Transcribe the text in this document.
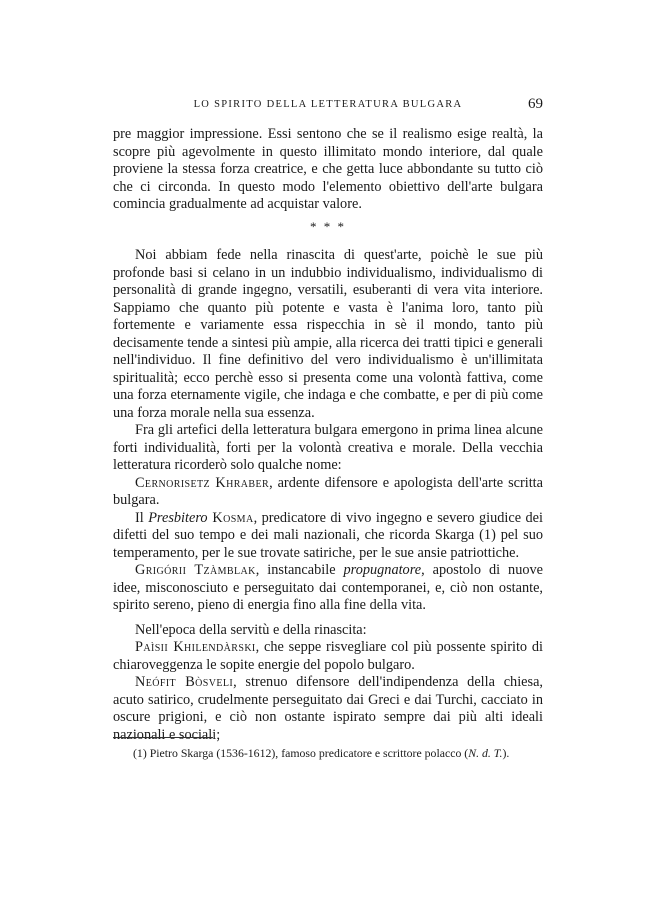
LO SPIRITO DELLA LETTERATURA BULGARA	69

pre maggior impressione. Essi sentono che se il realismo esige realtà, la scopre più agevolmente in questo illimitato mondo interiore, dal quale proviene la stessa forza creatrice, e che getta luce abbondante su tutto ciò che ci circonda. In questo modo l'elemento obiettivo dell'arte bulgara comincia gradualmente ad acquistar valore.

* * *

Noi abbiam fede nella rinascita di quest'arte, poichè le sue più profonde basi si celano in un indubbio individualismo, individualismo di personalità di grande ingegno, versatili, esuberanti di vera vita interiore. Sappiamo che quanto più potente e vasta è l'anima loro, tanto più fortemente e variamente essa rispecchia in sè il mondo, tanto più decisamente tende a sintesi più ampie, alla ricerca dei tratti tipici e generali nell'individuo. Il fine definitivo del vero individualismo è un'illimitata spiritualità; ecco perchè esso si presenta come una volontà fattiva, come una forza eternamente vigile, che indaga e che combatte, e per di più come una forza morale nella sua essenza.

Fra gli artefici della letteratura bulgara emergono in prima linea alcune forti individualità, forti per la volontà creativa e morale. Della vecchia letteratura ricorderò solo qualche nome:

Cernorisetz Khraber, ardente difensore e apologista dell'arte scritta bulgara.

Il Presbitero Kosma, predicatore di vivo ingegno e severo giudice dei difetti del suo tempo e dei mali nazionali, che ricorda Skarga (1) pel suo temperamento, per le sue trovate satiriche, per le sue ansie patriottiche.

Grigórii Tzàmblak, instancabile propugnatore, apostolo di nuove idee, misconosciuto e perseguitato dai contemporanei, e, ciò non ostante, spirito sereno, pieno di energia fino alla fine della vita.

Nell'epoca della servitù e della rinascita:

Paìsii Khilendàrski, che seppe risvegliare col più possente spirito di chiaroveggenza le sopite energie del popolo bulgaro.

Neófit Bòsveli, strenuo difensore dell'indipendenza della chiesa, acuto satirico, crudelmente perseguitato dai Greci e dai Turchi, cacciato in oscure prigioni, e ciò non ostante ispirato sempre dai più alti ideali nazionali e sociali;

(1) Pietro Skarga (1536-1612), famoso predicatore e scrittore polacco (N. d. T.).
